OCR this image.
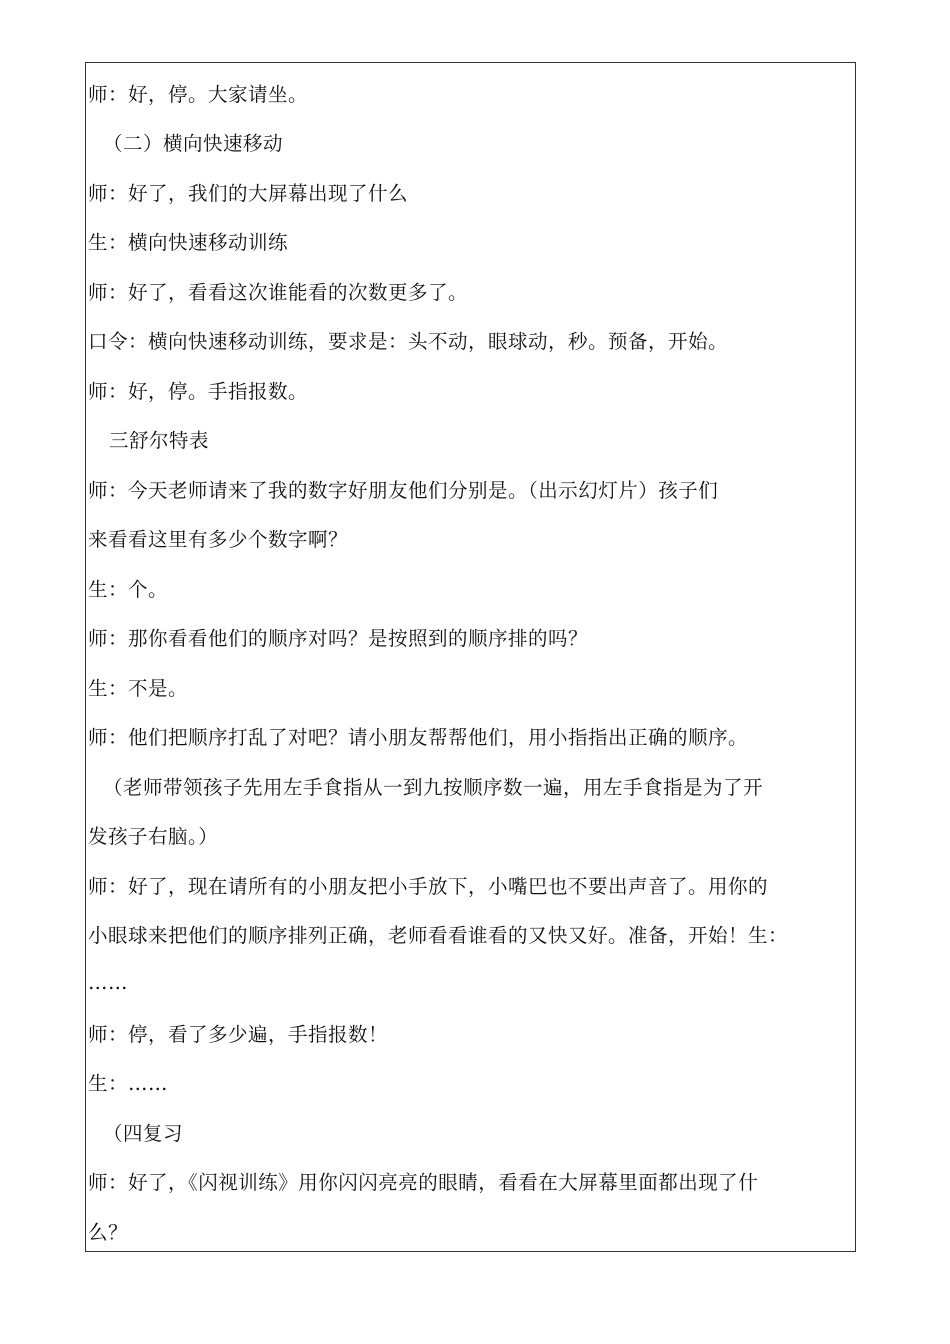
师：好，停。大家请坐。
（二）横向快速移动
师：好了，我们的大屏幕出现了什么
生：横向快速移动训练
师：好了，看看这次谁能看的次数更多了。
口令：横向快速移动训练，要求是：头不动，眼球动，秒。预备，开始。
师：好，停。手指报数。
三舒尔特表
师：今天老师请来了我的数字好朋友他们分别是。（出示幻灯片）孩子们
来看看这里有多少个数字啊？
生：个。
师：那你看看他们的顺序对吗？是按照到的顺序排的吗？
生：不是。
师：他们把顺序打乱了对吧？请小朋友帮帮他们，用小指指出正确的顺序。
（老师带领孩子先用左手食指从一到九按顺序数一遍，用左手食指是为了开
发孩子右脑。）
师：好了，现在请所有的小朋友把小手放下，小嘴巴也不要出声音了。用你的
小眼球来把他们的顺序排列正确，老师看看谁看的又快又好。准备，开始！生：
……
师：停，看了多少遍，手指报数！
生：……
（四复习
师：好了，《闪视训练》用你闪闪亮亮的眼睛，看看在大屏幕里面都出现了什
么？
